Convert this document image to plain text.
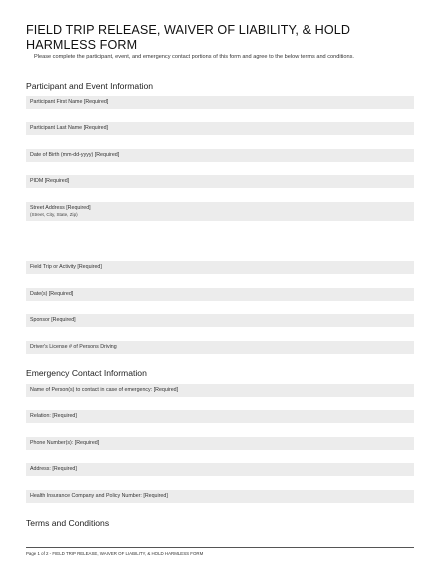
FIELD TRIP RELEASE, WAIVER OF LIABILITY, & HOLD HARMLESS FORM
Please complete the participant, event, and emergency contact portions of this form and agree to the below terms and conditions.
Participant and Event Information
Participant First Name [Required]
Participant Last Name [Required]
Date of Birth (mm-dd-yyyy) [Required]
PIDM [Required]
Street Address [Required]
(Street, City, State, Zip)
Field Trip or Activity [Required]
Date(s) [Required]
Sponsor [Required]
Driver's License # of Persons Driving
Emergency Contact Information
Name of Person(s) to contact in case of emergency: [Required]
Relation: [Required]
Phone Number(s): [Required]
Address: [Required]
Health Insurance Company and Policy Number: [Required]
Terms and Conditions
Page 1 of 2 - FIELD TRIP RELEASE, WAIVER OF LIABILITY, & HOLD HARMLESS FORM
